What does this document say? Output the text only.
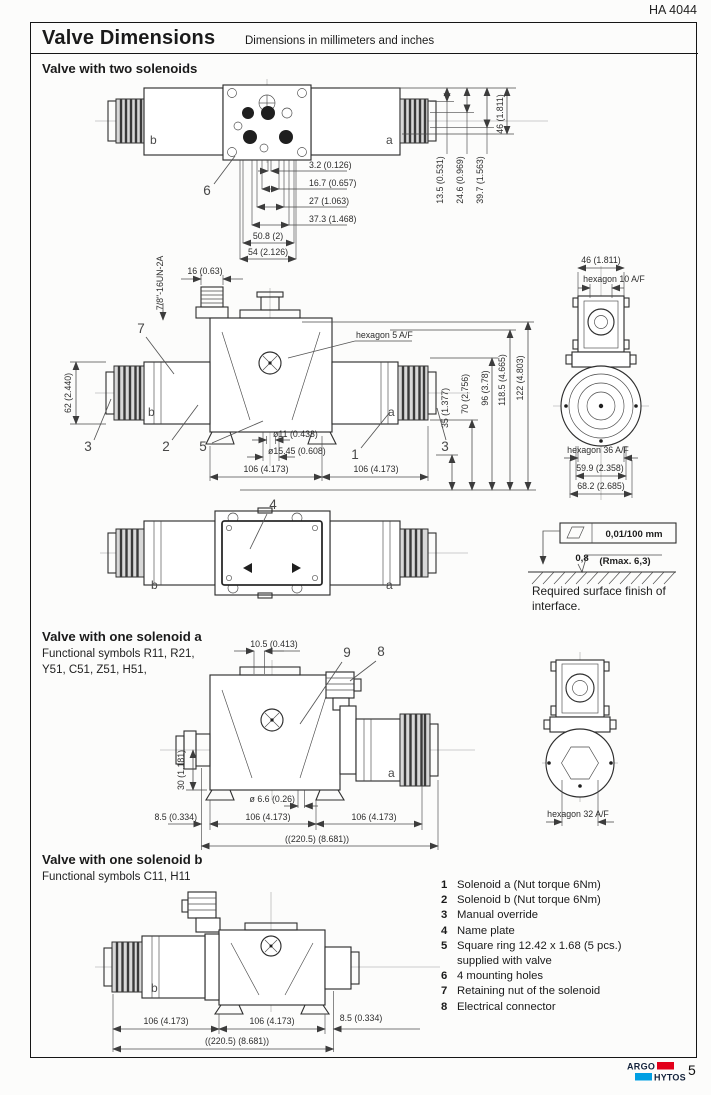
HA 4044
Valve Dimensions	Dimensions in millimeters and inches
Valve with two solenoids
b	a
6
3.2 (0.126)
16.7 (0.657)
27 (1.063)
37.3 (1.468)
50.8 (2)
54 (2.126)
13.5 (0.531) 24.6 (0.969) 39.7 (1.563)
46 (1.811)
b	a
16 (0.63)
7/8"-16UN-2A
hexagon 5 A/F
7
3	2 5
1
3
ø11 (0.433)
ø15.45 (0.608)
106 (4.173)	106 (4.173)
62 (2.440)	35 (1.377) 70 (2.756) 96 (3.78) 118.5 (4.665) 122 (4.803)
46 (1.811)
hexagon 10 A/F
hexagon 36 A/F
59.9 (2.358)
68.2 (2.685)
b	a
4
0,01/100 mm
0,8 (Rmax. 6,3)
Required surface finish of
interface.
Valve with one solenoid a
Functional symbols R11, R21,
Y51, C51, Z51, H51,
a
10.5 (0.413)
9 8
30 (1.181)
ø 6.6 (0.26)
8.5 (0.334)	106 (4.173)	106 (4.173)
((220.5) (8.681))
hexagon 32 A/F
Valve with one solenoid b
Functional symbols C11, H11
b
106 (4.173)	106 (4.173)	8.5 (0.334)
((220.5) (8.681))
1 Solenoid a (Nut torque 6Nm)
2 Solenoid b (Nut torque 6Nm)
3 Manual override
4 Name plate
5 Square ring 12.42 x 1.68 (5 pcs.)
supplied with valve
6 4 mounting holes
7 Retaining nut of the solenoid
8 Electrical connector
ARGO
HYTOS 5
